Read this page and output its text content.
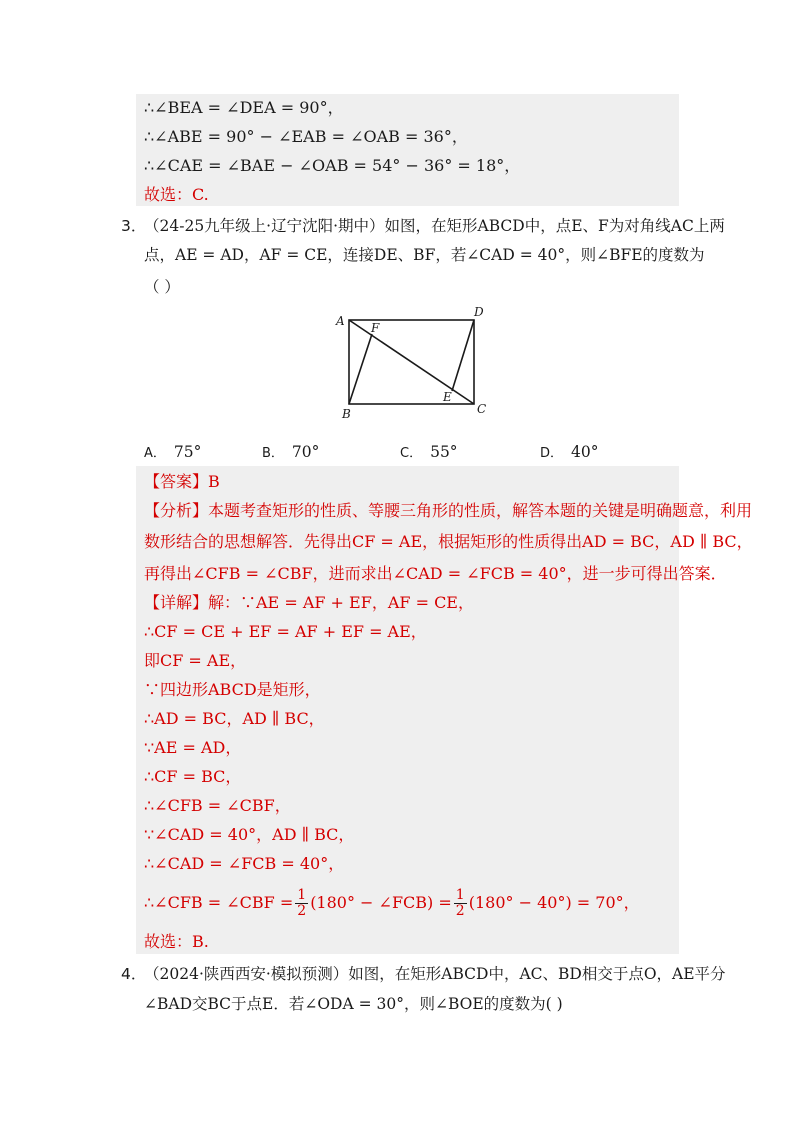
∴∠BEA = ∠DEA = 90°，
∴∠ABE = 90° − ∠EAB = ∠OAB = 36°，
∴∠CAE = ∠BAE − ∠OAB = 54° − 36° = 18°，
故选：C.
3．
（24-25九年级上·辽宁沈阳·期中）如图，在矩形ABCD中，点E、F为对角线AC上两
点，AE = AD，AF = CE，连接DE、BF，若∠CAD = 40°，则∠BFE的度数为
（ ）
A
B	C
D
E
F
A． 75°	B． 70°	C． 55°	D． 40°
【答案】B
【分析】本题考查矩形的性质、等腰三角形的性质，解答本题的关键是明确题意，利用
数形结合的思想解答．先得出CF = AE，根据矩形的性质得出AD = BC，AD ∥ BC，
再得出∠CFB = ∠CBF，进而求出∠CAD = ∠FCB = 40°，进一步可得出答案．
【详解】解：∵AE = AF + EF，AF = CE，
∴CF = CE + EF = AF + EF = AE，
即CF = AE，
∵四边形ABCD是矩形，
∴AD = BC，AD ∥ BC，
∵AE = AD，
∴CF = BC，
∴∠CFB = ∠CBF，
∵∠CAD = 40°，AD ∥ BC，
∴∠CAD = ∠FCB = 40°，
∴∠CFB = ∠CBF = $\frac{1}{2} (180^\circ$ − ∠FCB) = $\frac{1}{2} (180^\circ - 40^\circ) = 70^\circ$，
故选：B.
4．
（2024·陕西西安·模拟预测）如图，在矩形ABCD中，AC、BD相交于点O，AE平分
∠BAD交BC于点E．若∠ODA = 30°，则∠BOE的度数为( )
